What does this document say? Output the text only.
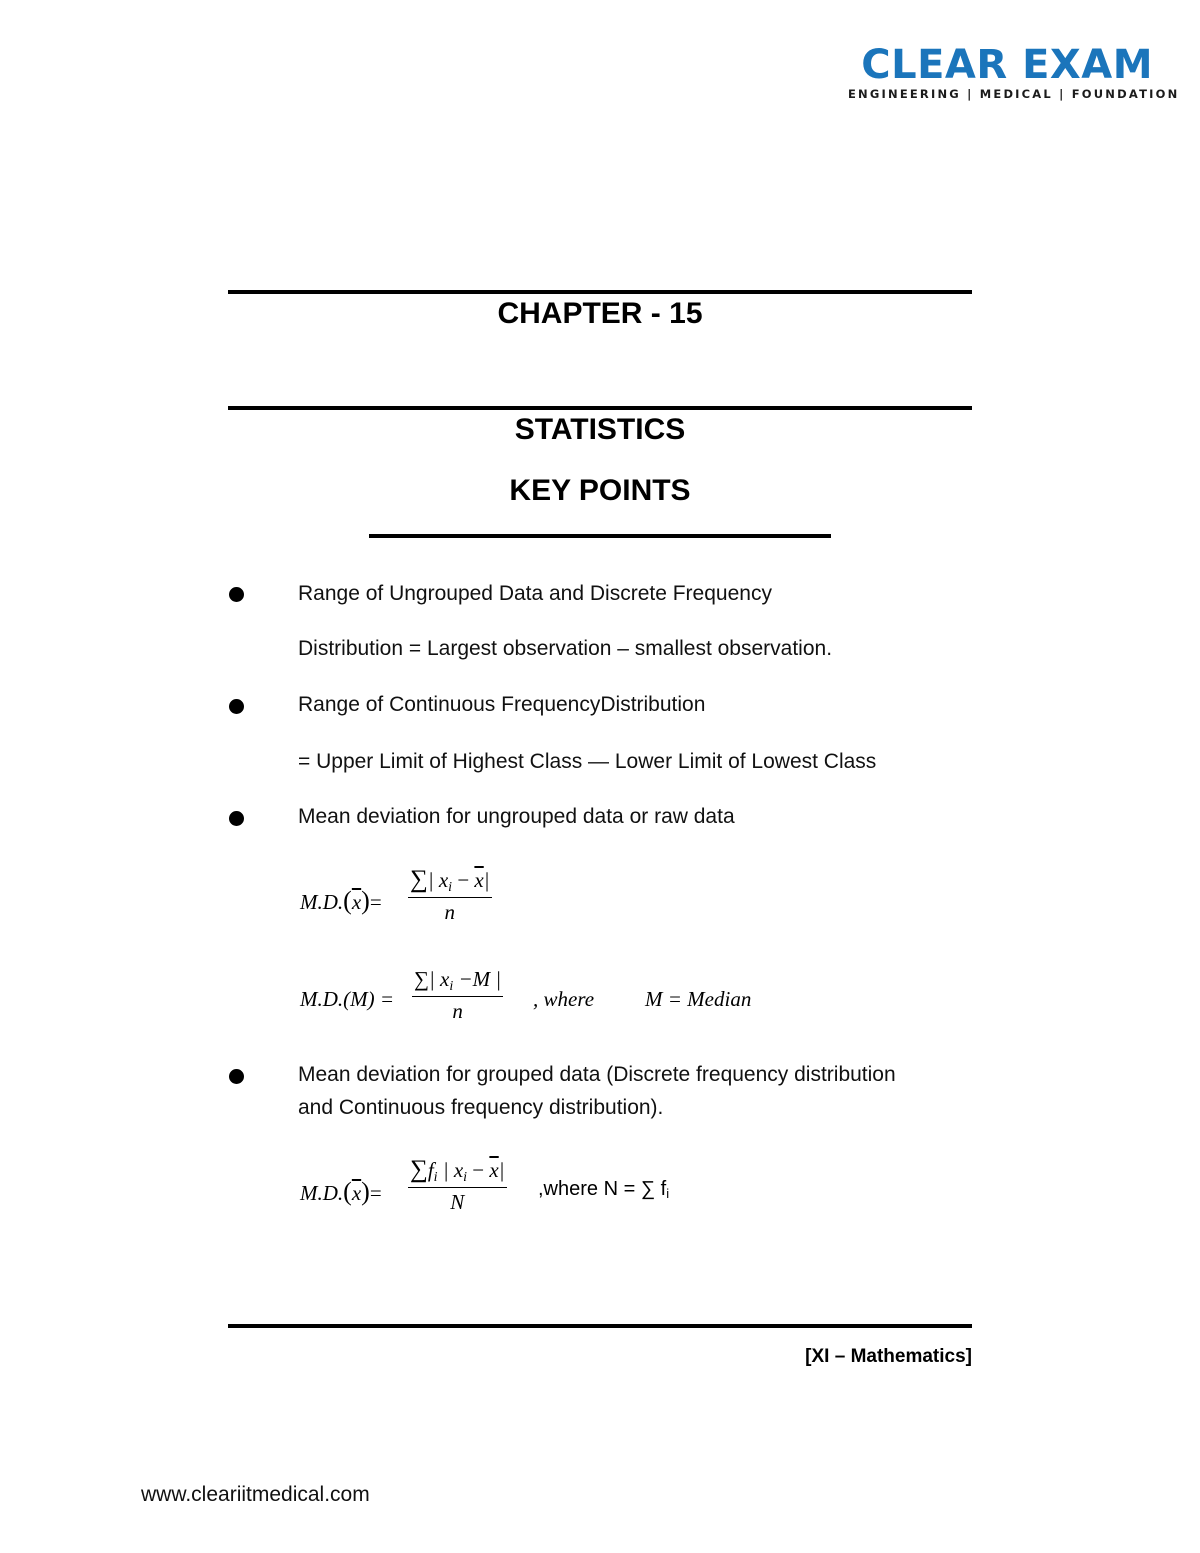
CLEAR EXAM
ENGINEERING | MEDICAL | FOUNDATION
CHAPTER - 15
STATISTICS
KEY POINTS
Range of Ungrouped Data and Discrete Frequency
Distribution = Largest observation – smallest observation.
Range of Continuous FrequencyDistribution
= Upper Limit of Highest Class — Lower Limit of Lowest Class
Mean deviation for ungrouped data or raw data
$M.D.(\overline{x})= \frac{\sum| x_i - \overline{x}|}{n}$
$M.D.(M) = \frac{\sum| x_i -M |}{n}$ , where M = Median
Mean deviation for grouped data (Discrete frequency distribution
and Continuous frequency distribution).
$M.D.(\overline{x})= \frac{\sum f_i | x_i - \overline{x}|}{N}$ ,where N = ∑ fi
[XI – Mathematics]
www.cleariitmedical.com
